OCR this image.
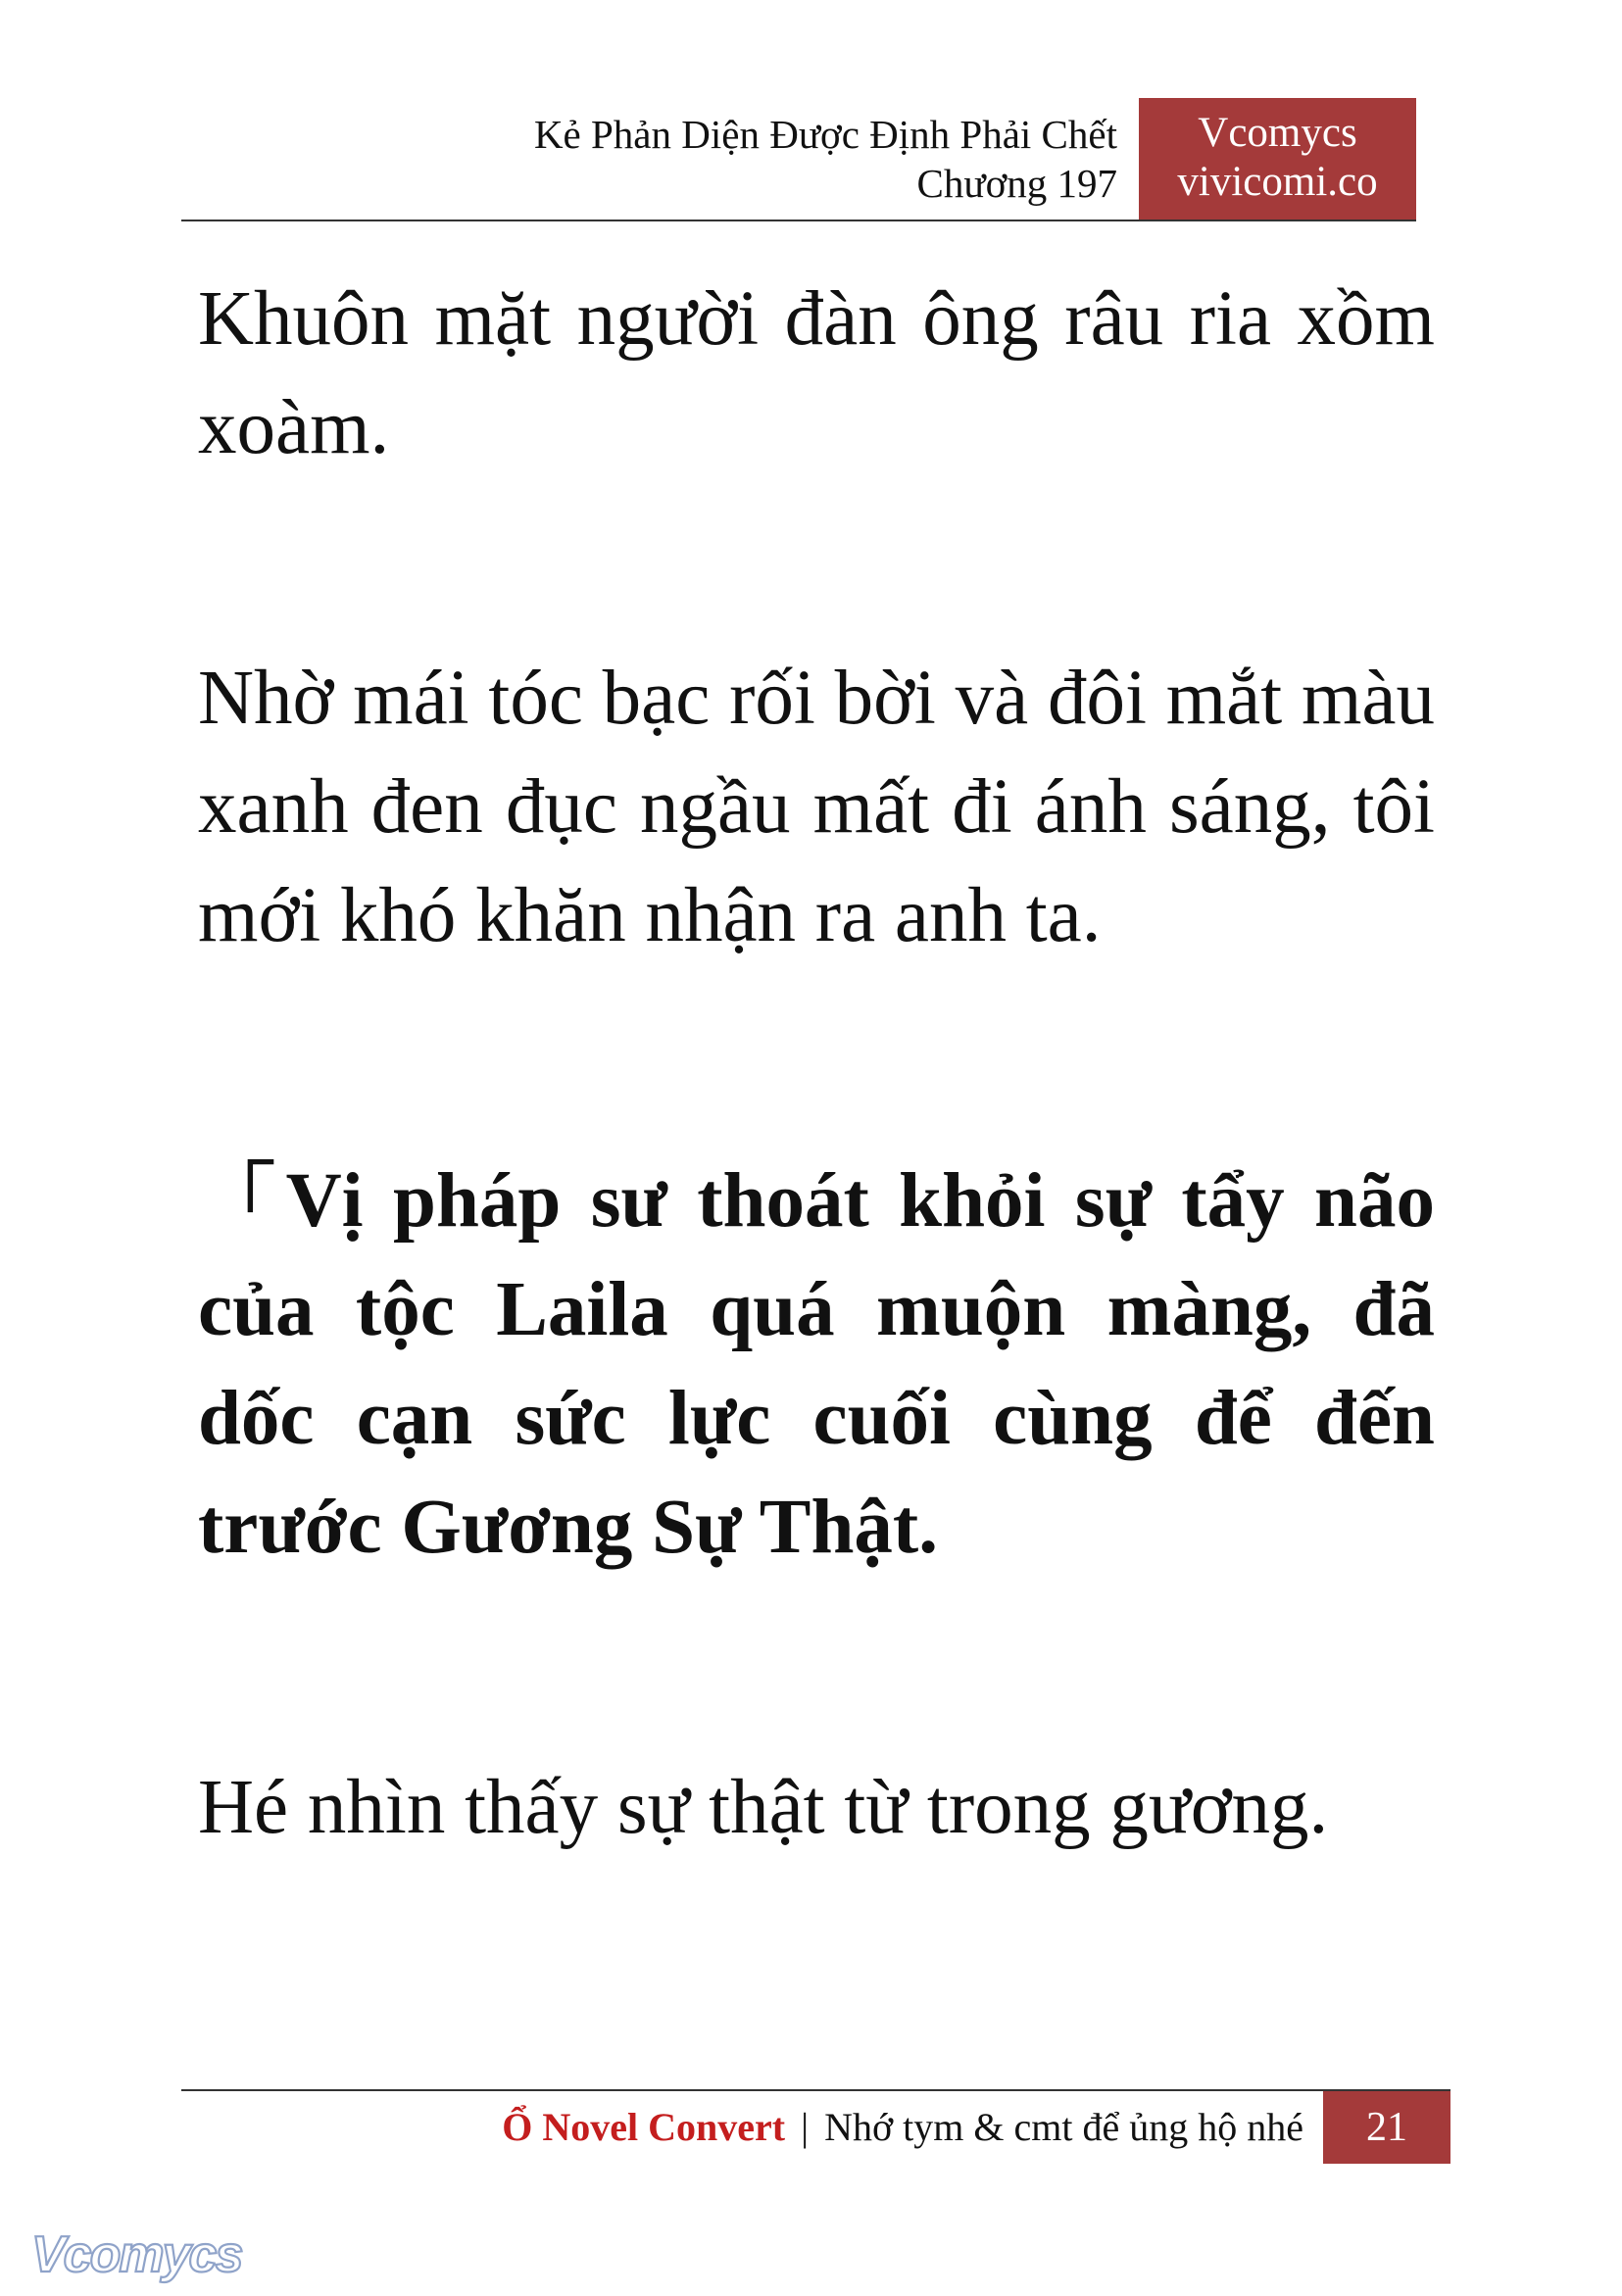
Kẻ Phản Diện Được Định Phải Chết
Chương 197
Vcomycs
vivicomi.co

Khuôn mặt người đàn ông râu ria xồm xoàm.

Nhờ mái tóc bạc rối bời và đôi mắt màu xanh đen đục ngầu mất đi ánh sáng, tôi mới khó khăn nhận ra anh ta.

「Vị pháp sư thoát khỏi sự tẩy não của tộc Laila quá muộn màng, đã dốc cạn sức lực cuối cùng để đến trước Gương Sự Thật.

Hé nhìn thấy sự thật từ trong gương.

Ổ Novel Convert | Nhớ tym & cmt để ủng hộ nhé	21
Vcomycs
